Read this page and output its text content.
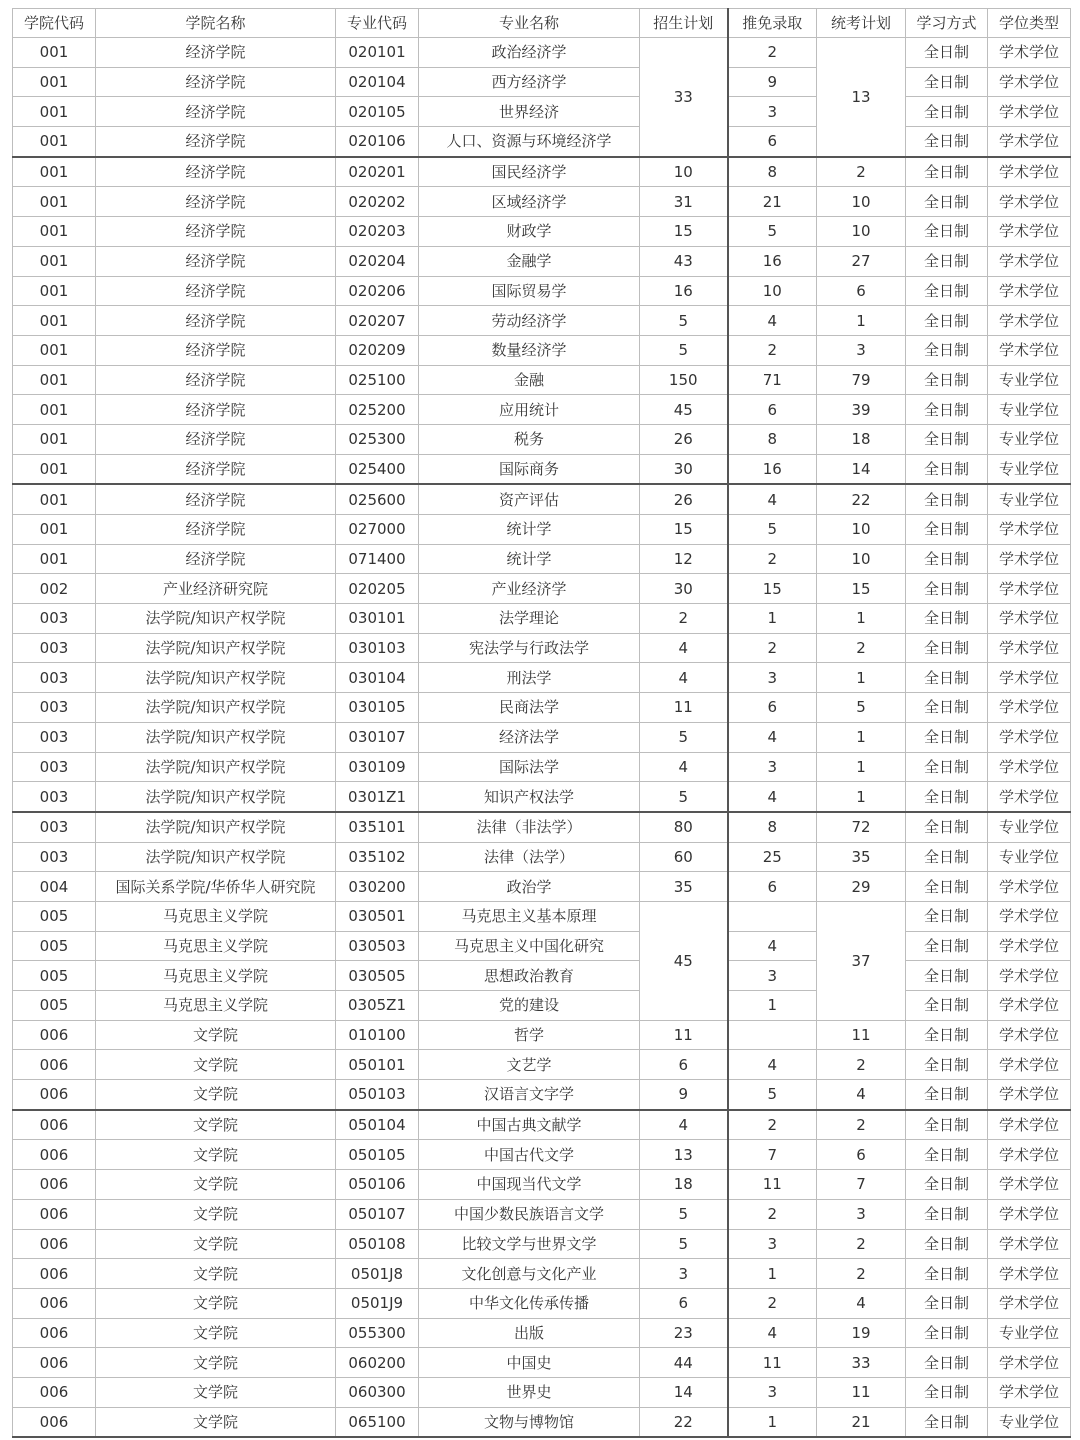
学院代码	学院名称	专业代码	专业名称	招生计划	推免录取	统考计划	学习方式	学位类型
001	经济学院	020101	政治经济学	33	2	13	全日制	学术学位
001	经济学院	020104	西方经济学		9		全日制	学术学位
001	经济学院	020105	世界经济		3		全日制	学术学位
001	经济学院	020106	人口、资源与环境经济学		6		全日制	学术学位
001	经济学院	020201	国民经济学	10	8	2	全日制	学术学位
001	经济学院	020202	区域经济学	31	21	10	全日制	学术学位
001	经济学院	020203	财政学	15	5	10	全日制	学术学位
001	经济学院	020204	金融学	43	16	27	全日制	学术学位
001	经济学院	020206	国际贸易学	16	10	6	全日制	学术学位
001	经济学院	020207	劳动经济学	5	4	1	全日制	学术学位
001	经济学院	020209	数量经济学	5	2	3	全日制	学术学位
001	经济学院	025100	金融	150	71	79	全日制	专业学位
001	经济学院	025200	应用统计	45	6	39	全日制	专业学位
001	经济学院	025300	税务	26	8	18	全日制	专业学位
001	经济学院	025400	国际商务	30	16	14	全日制	专业学位
001	经济学院	025600	资产评估	26	4	22	全日制	专业学位
001	经济学院	027000	统计学	15	5	10	全日制	学术学位
001	经济学院	071400	统计学	12	2	10	全日制	学术学位
002	产业经济研究院	020205	产业经济学	30	15	15	全日制	学术学位
003	法学院/知识产权学院	030101	法学理论	2	1	1	全日制	学术学位
003	法学院/知识产权学院	030103	宪法学与行政法学	4	2	2	全日制	学术学位
003	法学院/知识产权学院	030104	刑法学	4	3	1	全日制	学术学位
003	法学院/知识产权学院	030105	民商法学	11	6	5	全日制	学术学位
003	法学院/知识产权学院	030107	经济法学	5	4	1	全日制	学术学位
003	法学院/知识产权学院	030109	国际法学	4	3	1	全日制	学术学位
003	法学院/知识产权学院	0301Z1	知识产权法学	5	4	1	全日制	学术学位
003	法学院/知识产权学院	035101	法律（非法学）	80	8	72	全日制	专业学位
003	法学院/知识产权学院	035102	法律（法学）	60	25	35	全日制	专业学位
004	国际关系学院/华侨华人研究院	030200	政治学	35	6	29	全日制	学术学位
005	马克思主义学院	030501	马克思主义基本原理	45		37	全日制	学术学位
005	马克思主义学院	030503	马克思主义中国化研究		4		全日制	学术学位
005	马克思主义学院	030505	思想政治教育		3		全日制	学术学位
005	马克思主义学院	0305Z1	党的建设		1		全日制	学术学位
006	文学院	010100	哲学	11		11	全日制	学术学位
006	文学院	050101	文艺学	6	4	2	全日制	学术学位
006	文学院	050103	汉语言文字学	9	5	4	全日制	学术学位
006	文学院	050104	中国古典文献学	4	2	2	全日制	学术学位
006	文学院	050105	中国古代文学	13	7	6	全日制	学术学位
006	文学院	050106	中国现当代文学	18	11	7	全日制	学术学位
006	文学院	050107	中国少数民族语言文学	5	2	3	全日制	学术学位
006	文学院	050108	比较文学与世界文学	5	3	2	全日制	学术学位
006	文学院	0501J8	文化创意与文化产业	3	1	2	全日制	学术学位
006	文学院	0501J9	中华文化传承传播	6	2	4	全日制	学术学位
006	文学院	055300	出版	23	4	19	全日制	专业学位
006	文学院	060200	中国史	44	11	33	全日制	学术学位
006	文学院	060300	世界史	14	3	11	全日制	学术学位
006	文学院	065100	文物与博物馆	22	1	21	全日制	专业学位
